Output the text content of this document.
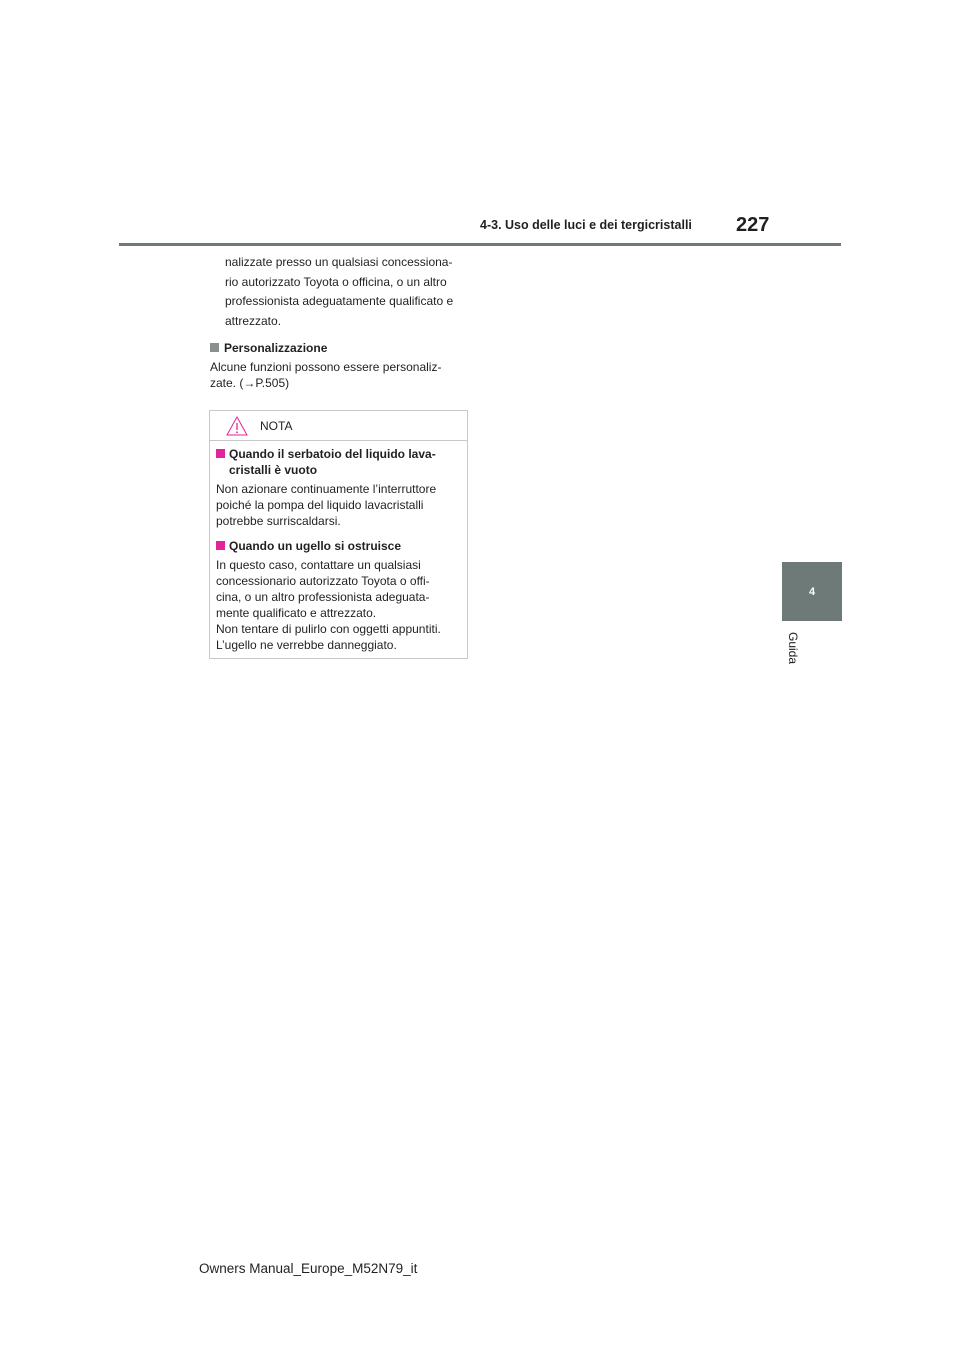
4-3. Uso delle luci e dei tergicristalli 227
4
Guida

nalizzate presso un qualsiasi concessiona-
rio autorizzato Toyota o officina, o un altro
professionista adeguatamente qualificato e
attrezzato.

Personalizzazione

Alcune funzioni possono essere personaliz-
zate. (→P.505)

NOTA

Quando il serbatoio del liquido lava-
cristalli è vuoto

Non azionare continuamente l’interruttore
poiché la pompa del liquido lavacristalli
potrebbe surriscaldarsi.

Quando un ugello si ostruisce

In questo caso, contattare un qualsiasi
concessionario autorizzato Toyota o offi-
cina, o un altro professionista adeguata-
mente qualificato e attrezzato.
Non tentare di pulirlo con oggetti appuntiti.
L’ugello ne verrebbe danneggiato.

Owners Manual_Europe_M52N79_it
